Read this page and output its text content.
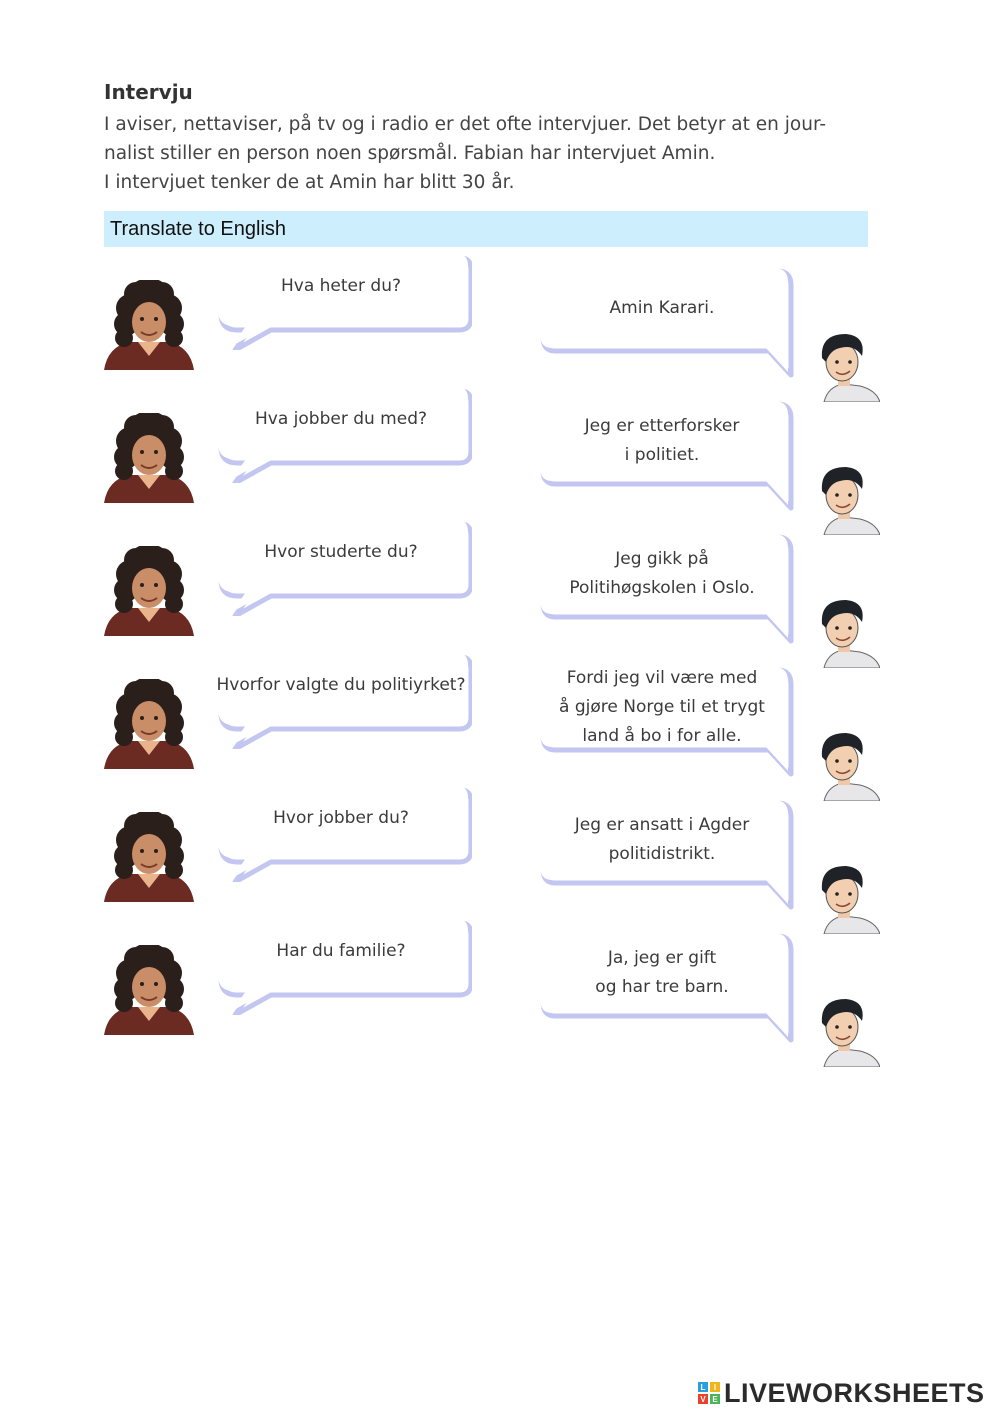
Intervju

I aviser, nettaviser, på tv og i radio er det ofte intervjuer. Det betyr at en jour-

nalist stiller en person noen spørsmål. Fabian har intervjuet Amin.

I intervjuet tenker de at Amin har blitt 30 år.

Translate to English
Hva heter du?
Amin Karari.
Hva jobber du med?	Jeg er etterforsker
i politiet.
Hvor studerte du?	Jeg gikk på
Politihøgskolen i Oslo.
Hvorfor valgte du politiyrket?	Fordi jeg vil være med
å gjøre Norge til et trygt
land å bo i for alle.
Hvor jobber du?	Jeg er ansatt i Agder
politidistrikt.
Har du familie?	Ja, jeg er gift
og har tre barn.
L	I
V E LIVEWORKSHEETS
